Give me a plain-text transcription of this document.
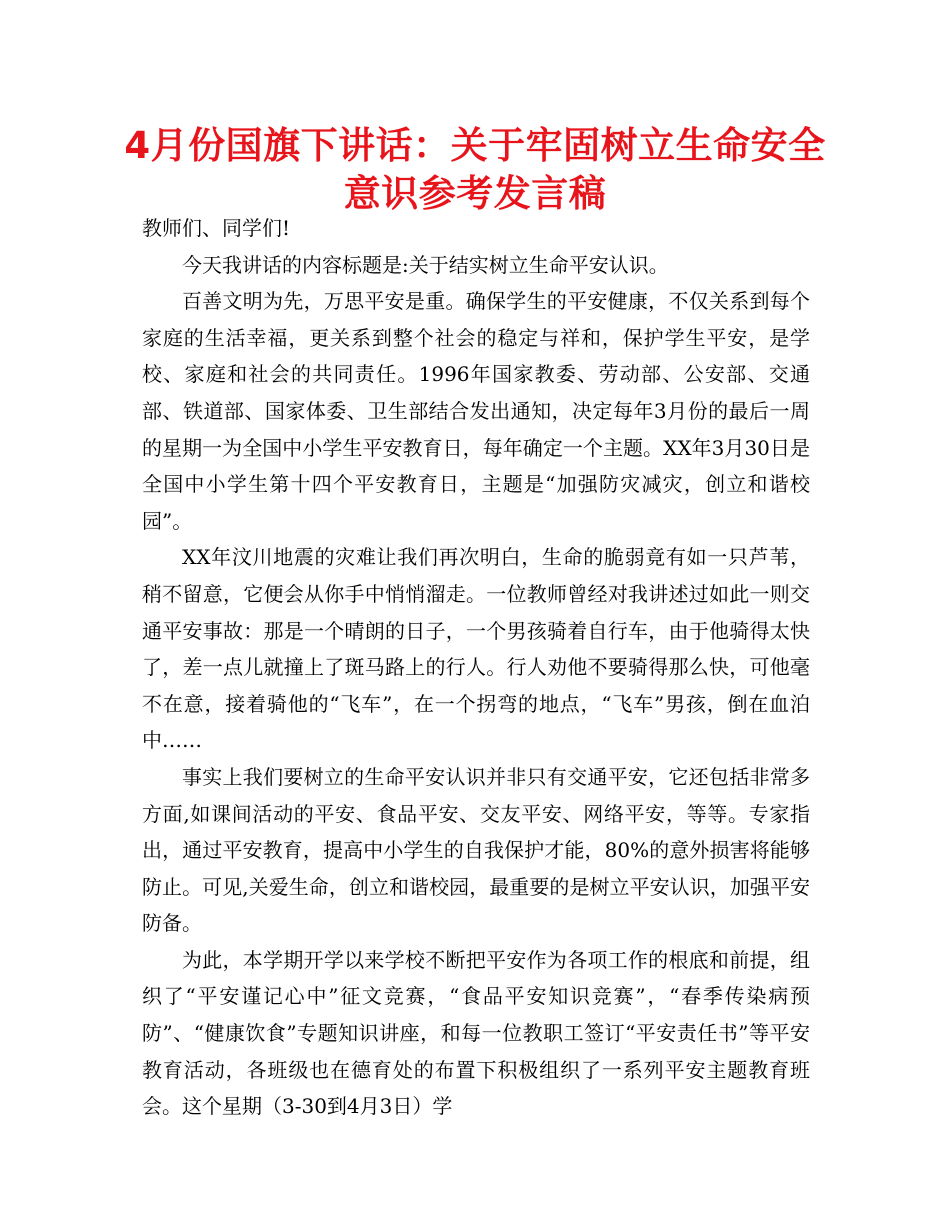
4月份国旗下讲话：关于牢固树立生命安全意识参考发言稿

教师们、同学们!

今天我讲话的内容标题是:关于结实树立生命平安认识。

百善文明为先，万思平安是重。确保学生的平安健康，不仅关系到每个家庭的生活幸福，更关系到整个社会的稳定与祥和，保护学生平安，是学校、家庭和社会的共同责任。1996年国家教委、劳动部、公安部、交通部、铁道部、国家体委、卫生部结合发出通知，决定每年3月份的最后一周的星期一为全国中小学生平安教育日，每年确定一个主题。XX年3月30日是全国中小学生第十四个平安教育日，主题是“加强防灾减灾，创立和谐校园”。

XX年汶川地震的灾难让我们再次明白，生命的脆弱竟有如一只芦苇，稍不留意，它便会从你手中悄悄溜走。一位教师曾经对我讲述过如此一则交通平安事故：那是一个晴朗的日子，一个男孩骑着自行车，由于他骑得太快了，差一点儿就撞上了斑马路上的行人。行人劝他不要骑得那么快，可他毫不在意，接着骑他的“飞车”，在一个拐弯的地点，“飞车”男孩，倒在血泊中……

事实上我们要树立的生命平安认识并非只有交通平安，它还包括非常多方面,如课间活动的平安、食品平安、交友平安、网络平安，等等。专家指出，通过平安教育，提高中小学生的自我保护才能，80%的意外损害将能够防止。可见,关爱生命，创立和谐校园，最重要的是树立平安认识，加强平安防备。

为此，本学期开学以来学校不断把平安作为各项工作的根底和前提，组织了“平安谨记心中”征文竞赛，“食品平安知识竞赛”，“春季传染病预防”、“健康饮食”专题知识讲座，和每一位教职工签订“平安责任书”等平安教育活动，各班级也在德育处的布置下积极组织了一系列平安主题教育班会。这个星期（3-30到4月3日）学
